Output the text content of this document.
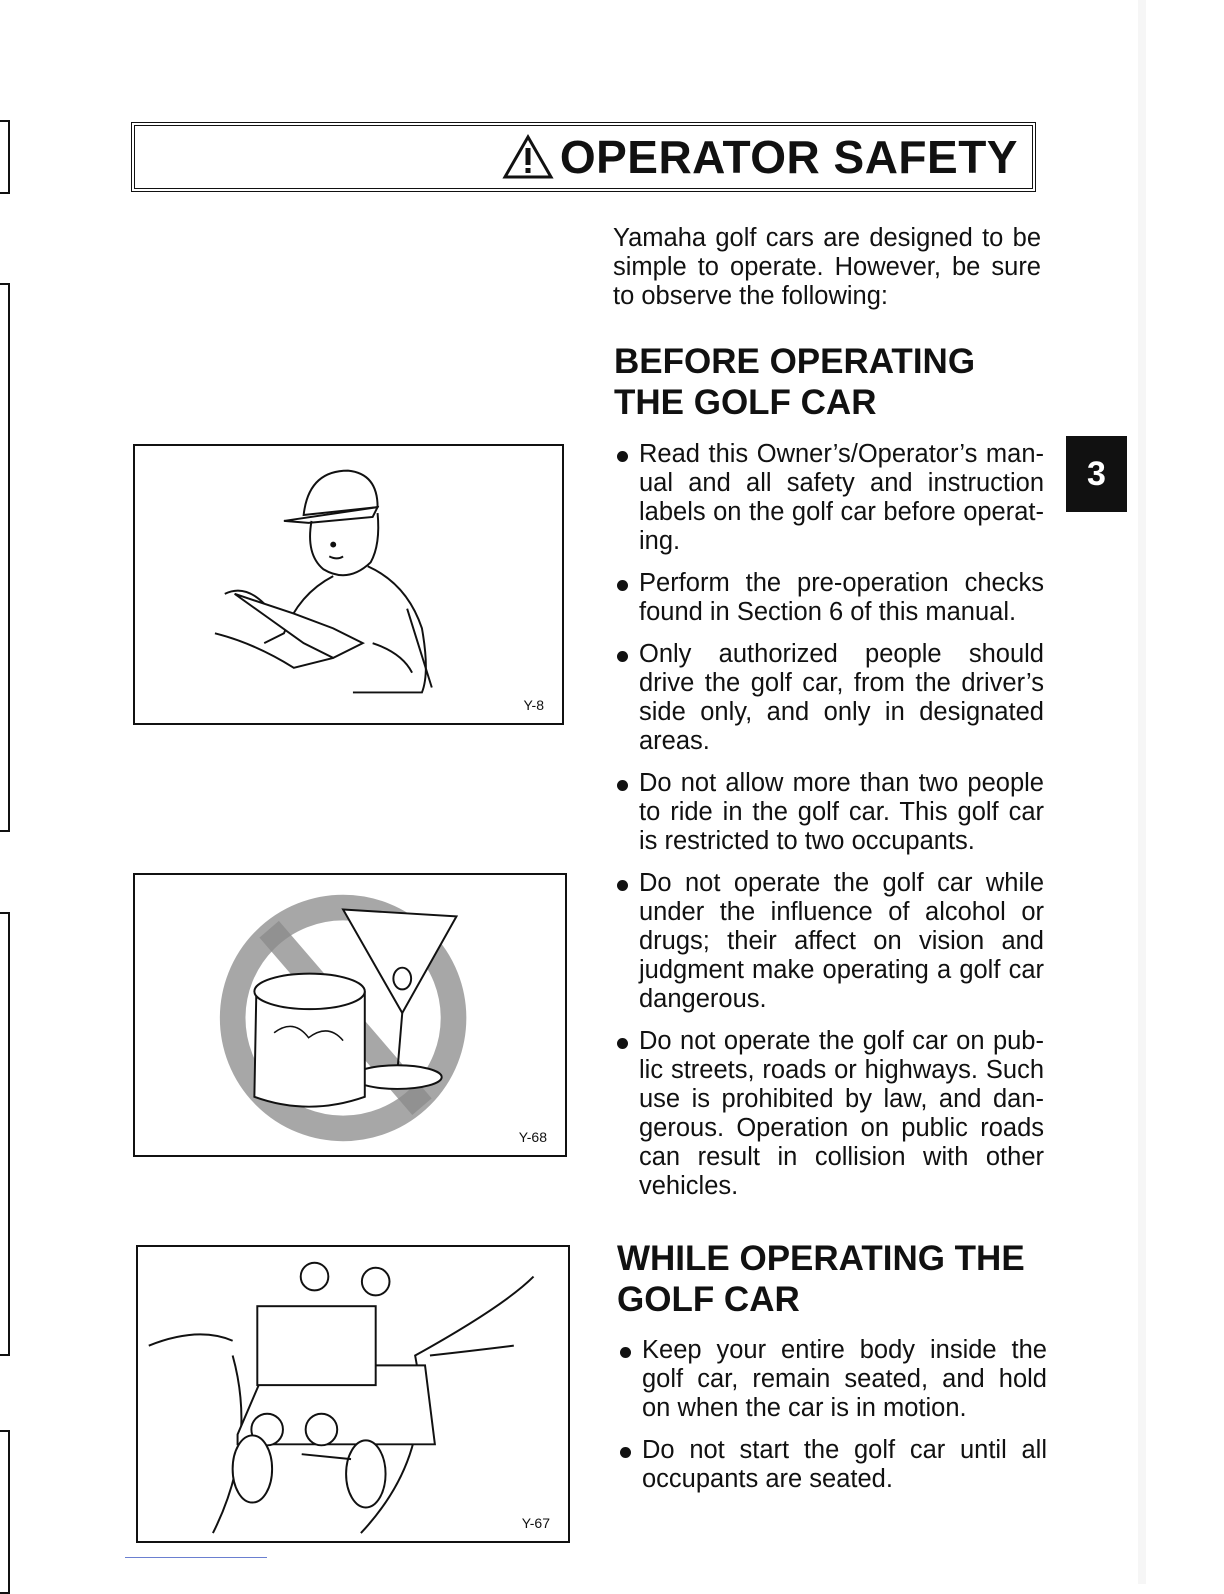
OPERATOR SAFETY
Yamaha golf cars are designed to be simple to operate. However, be sure to observe the following:
BEFORE OPERATING THE GOLF CAR
Read this Owner’s/Operator’s manual and all safety and instruction labels on the golf car before operating.
Perform the pre-operation checks found in Section 6 of this manual.
Only authorized people should drive the golf car, from the driver’s side only, and only in designated areas.
Do not allow more than two people to ride in the golf car. This golf car is restricted to two occupants.
Do not operate the golf car while under the influence of alcohol or drugs; their affect on vision and judgment make operating a golf car dangerous.
Do not operate the golf car on public streets, roads or highways. Such use is prohibited by law, and dangerous. Operation on public roads can result in collision with other vehicles.
WHILE OPERATING THE GOLF CAR
Keep your entire body inside the golf car, remain seated, and hold on when the car is in motion.
Do not start the golf car until all occupants are seated.
3
Y-8
Y-68
Y-67
